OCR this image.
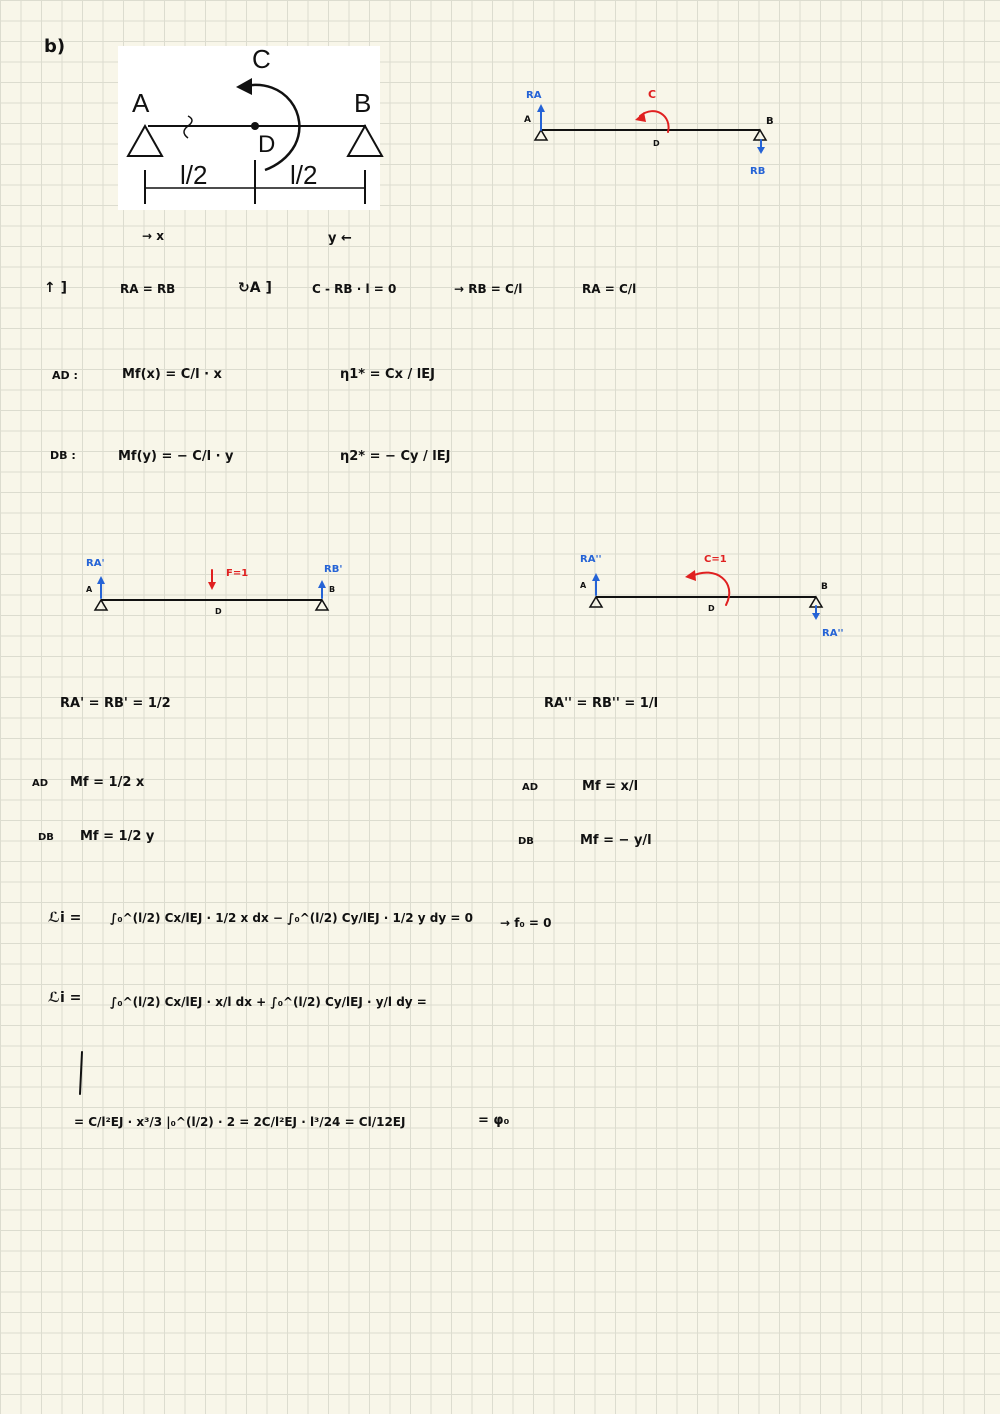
b)	C
A	B
D
l/2	l/2
→ x	y ←
RA	C
A
D
B
RB
↑ ]	RA = RB	↻A ]	C - RB · l = 0	→ RB = C/l	RA = C/l
AD :	Mf(x) = C/l · x	η1* = Cx / lEJ
DB :	Mf(y) = − C/l · y	η2* = − Cy / lEJ
RA'
RB'
F=1
A
D
B
RA''	C=1
A
D
B
RA''
RA' = RB' = 1/2	RA'' = RB'' = 1/l
AD Mf = 1/2 x
DB Mf = 1/2 y
AD	Mf = x/l
DB	Mf = − y/l
ℒi = ∫₀^(l/2) Cx/lEJ · 1/2 x dx − ∫₀^(l/2) Cy/lEJ · 1/2 y dy = 0 → f₀ = 0
ℒi = ∫₀^(l/2) Cx/lEJ · x/l dx + ∫₀^(l/2) Cy/lEJ · y/l dy =
= C/l²EJ · x³/3 |₀^(l/2) · 2 = 2C/l²EJ · l³/24 = Cl/12EJ	= φ₀
